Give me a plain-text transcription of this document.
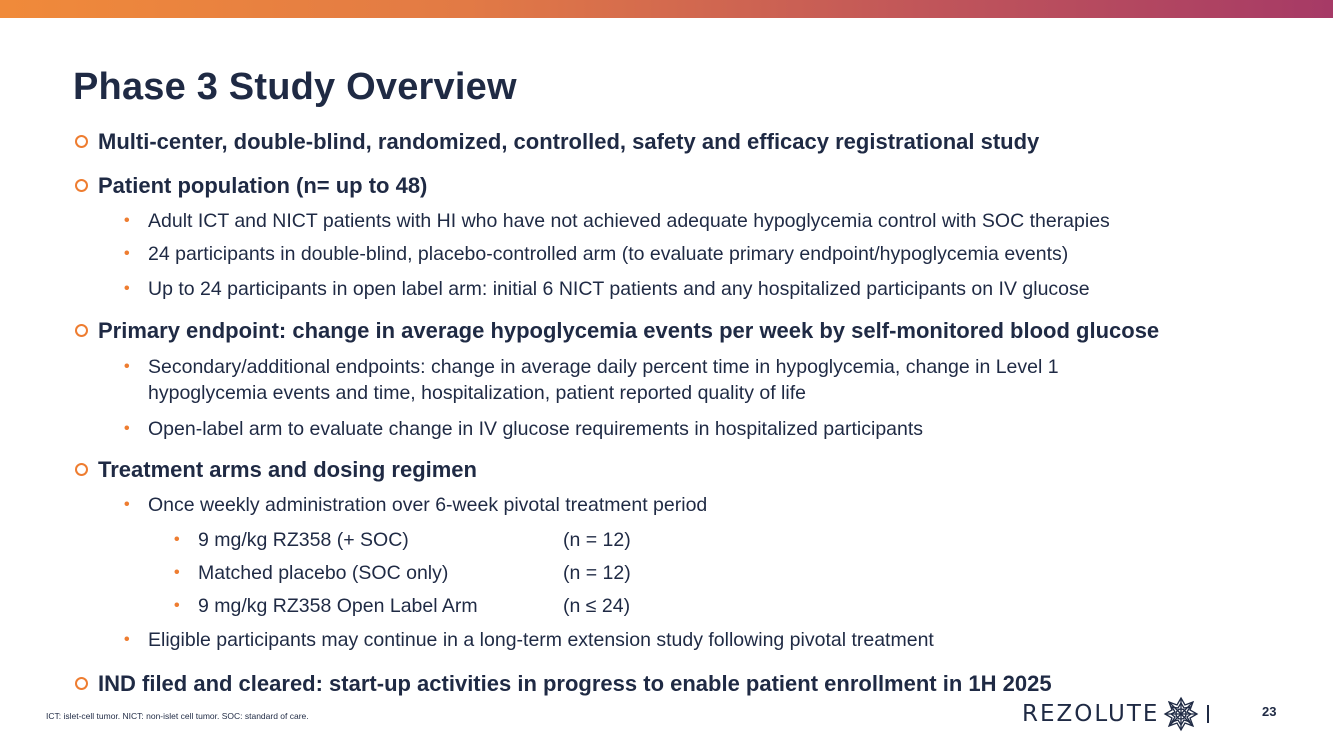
Phase 3 Study Overview
Multi-center, double-blind, randomized, controlled, safety and efficacy registrational study
Patient population (n= up to 48)
• Adult ICT and NICT patients with HI who have not achieved adequate hypoglycemia control with SOC therapies
• 24 participants in double-blind, placebo-controlled arm (to evaluate primary endpoint/hypoglycemia events)
• Up to 24 participants in open label arm: initial 6 NICT patients and any hospitalized participants on IV glucose
Primary endpoint: change in average hypoglycemia events per week by self-monitored blood glucose
• Secondary/additional endpoints: change in average daily percent time in hypoglycemia, change in Level 1
hypoglycemia events and time, hospitalization, patient reported quality of life
• Open-label arm to evaluate change in IV glucose requirements in hospitalized participants
Treatment arms and dosing regimen
• Once weekly administration over 6-week pivotal treatment period
• 9 mg/kg RZ358 (+ SOC)	(n = 12)
• Matched placebo (SOC only)	(n = 12)
• 9 mg/kg RZ358 Open Label Arm	(n ≤ 24)
• Eligible participants may continue in a long-term extension study following pivotal treatment
IND filed and cleared: start-up activities in progress to enable patient enrollment in 1H 2025
ICT: islet-cell tumor. NICT: non-islet cell tumor. SOC: standard of care.	REZOLUTE	23
